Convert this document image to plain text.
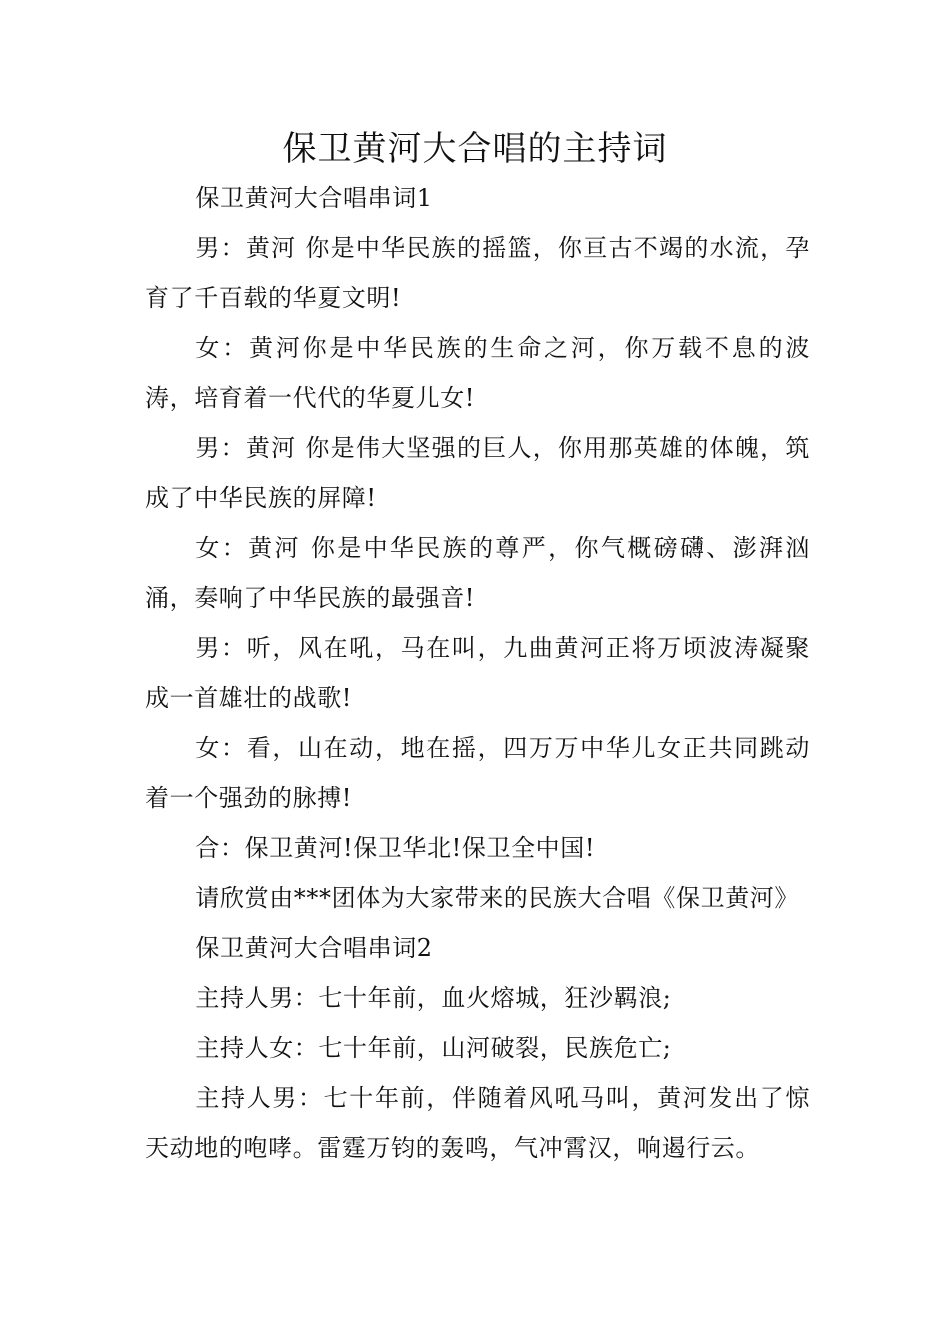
保卫黄河大合唱的主持词

保卫黄河大合唱串词1

男：黄河 你是中华民族的摇篮，你亘古不竭的水流，孕育了千百载的华夏文明!

女：黄河你是中华民族的生命之河，你万载不息的波涛，培育着一代代的华夏儿女!

男：黄河 你是伟大坚强的巨人，你用那英雄的体魄，筑成了中华民族的屏障!

女：黄河 你是中华民族的尊严，你气概磅礴、澎湃汹涌，奏响了中华民族的最强音!

男：听，风在吼，马在叫，九曲黄河正将万顷波涛凝聚成一首雄壮的战歌!

女：看，山在动，地在摇，四万万中华儿女正共同跳动着一个强劲的脉搏!

合：保卫黄河!保卫华北!保卫全中国!

请欣赏由***团体为大家带来的民族大合唱《保卫黄河》

保卫黄河大合唱串词2

主持人男：七十年前，血火熔城，狂沙羁浪;

主持人女：七十年前，山河破裂，民族危亡;

主持人男：七十年前，伴随着风吼马叫，黄河发出了惊天动地的咆哮。雷霆万钧的轰鸣，气冲霄汉，响遏行云。
